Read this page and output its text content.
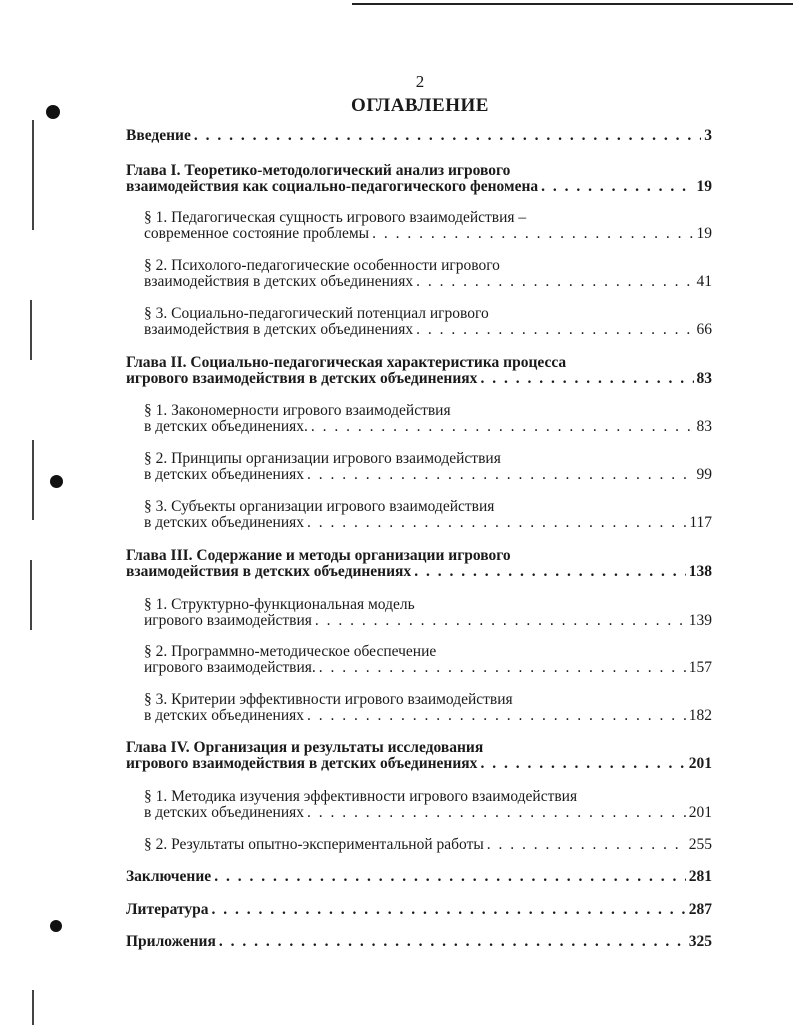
2
ОГЛАВЛЕНИЕ
Введение . . .	3
Глава I. Теоретико-методологический анализ игрового
взаимодействия как социально-педагогического феномена . . .	19
§ 1. Педагогическая сущность игрового взаимодействия –
современное состояние проблемы . . .	19
§ 2. Психолого-педагогические особенности игрового
взаимодействия в детских объединениях . . .	41
§ 3. Социально-педагогический потенциал игрового
взаимодействия в детских объединениях . . .	66
Глава II. Социально-педагогическая характеристика процесса
игрового взаимодействия в детских объединениях . . .	83
§ 1. Закономерности игрового взаимодействия
в детских объединениях. . . .	83
§ 2. Принципы организации игрового взаимодействия
в детских объединениях . . .	99
§ 3. Субъекты организации игрового взаимодействия
в детских объединениях . . .	117
Глава III. Содержание и методы организации игрового
взаимодействия в детских объединениях . . .	138
§ 1. Структурно-функциональная модель
игрового взаимодействия . . .	139
§ 2. Программно-методическое обеспечение
игрового взаимодействия. . . .	157
§ 3. Критерии эффективности игрового взаимодействия
в детских объединениях . . .	182
Глава IV. Организация и результаты исследования
игрового взаимодействия в детских объединениях . . .	201
§ 1. Методика изучения эффективности игрового взаимодействия
в детских объединениях . . .	201
§ 2. Результаты опытно-экспериментальной работы . . .	255
Заключение . . .	281
Литература . . .	287
Приложения . . .	325
